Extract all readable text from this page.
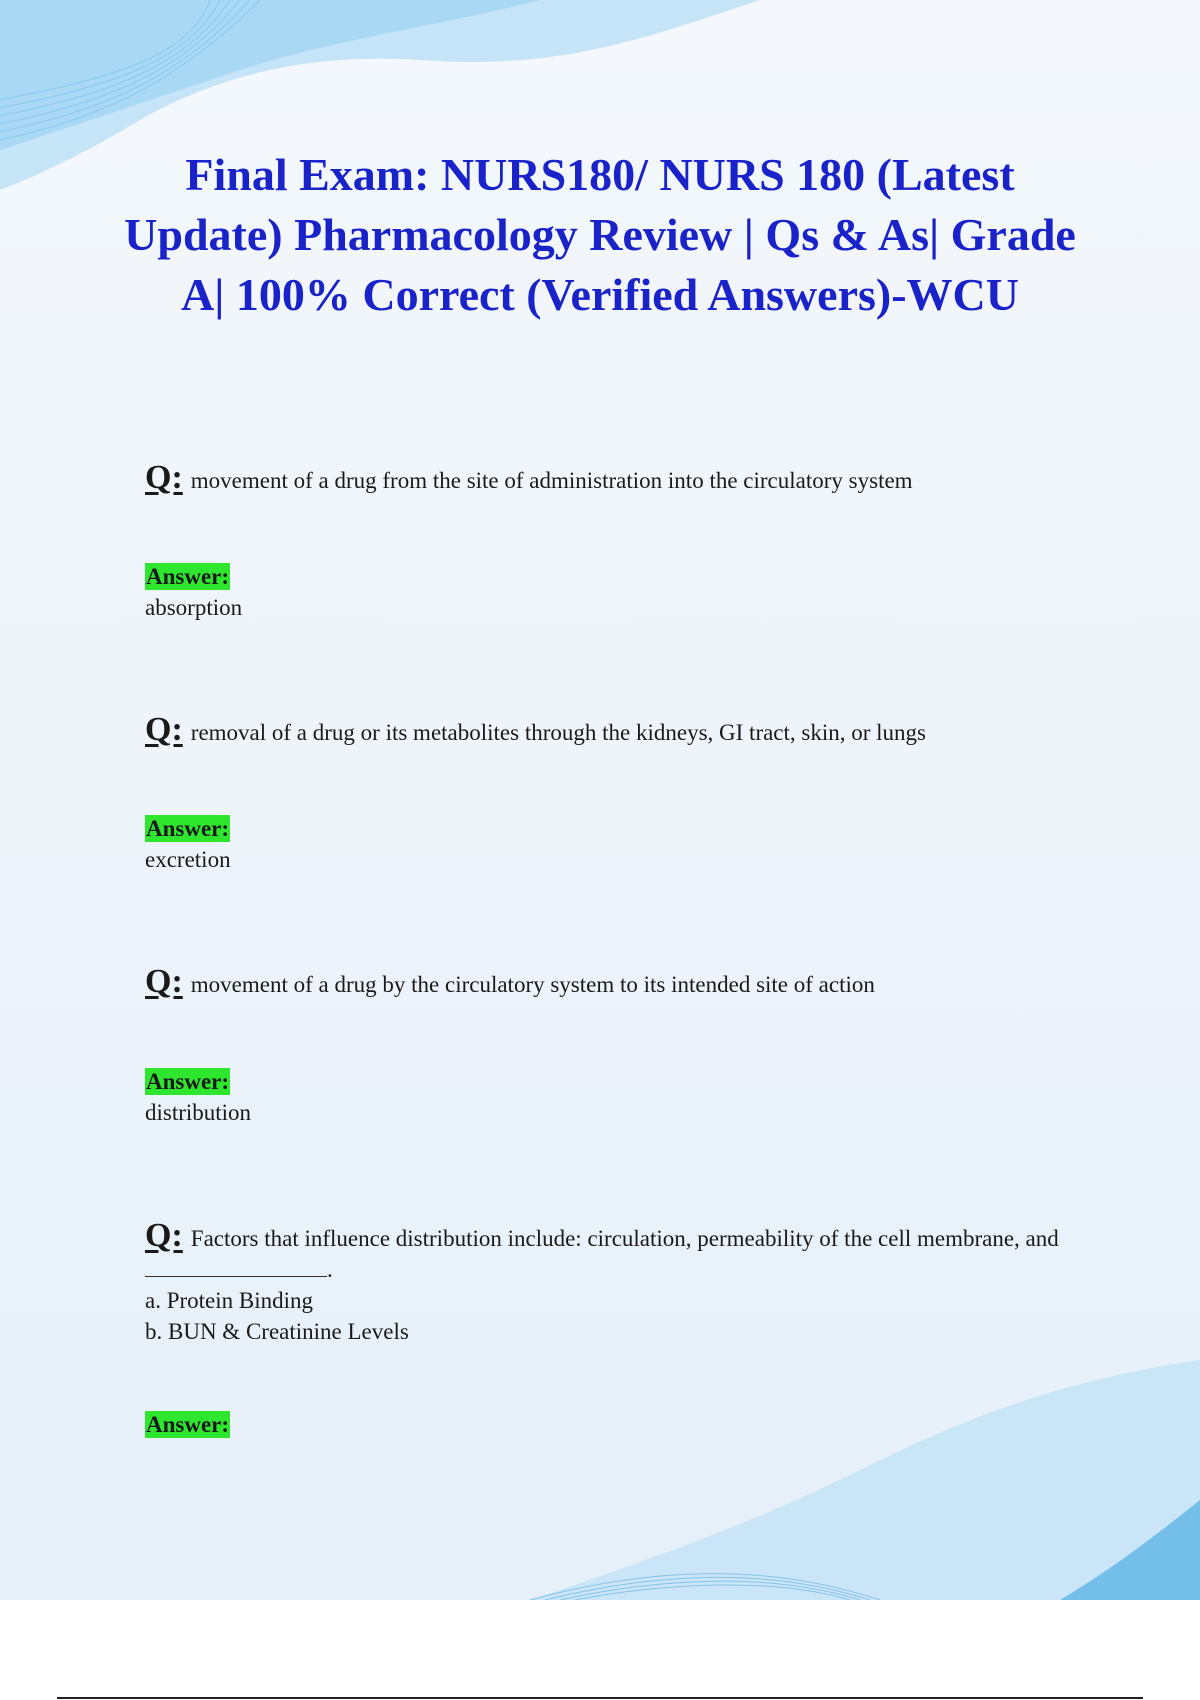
Final Exam: NURS180/ NURS 180 (Latest Update) Pharmacology Review | Qs & As| Grade A| 100% Correct (Verified Answers)-WCU

Q: movement of a drug from the site of administration into the circulatory system

Answer:

absorption

Q: removal of a drug or its metabolites through the kidneys, GI tract, skin, or lungs

Answer:

excretion

Q: movement of a drug by the circulatory system to its intended site of action

Answer:

distribution

Q: Factors that influence distribution include: circulation, permeability of the cell membrane, and .

a. Protein Binding

b. BUN & Creatinine Levels

Answer:
